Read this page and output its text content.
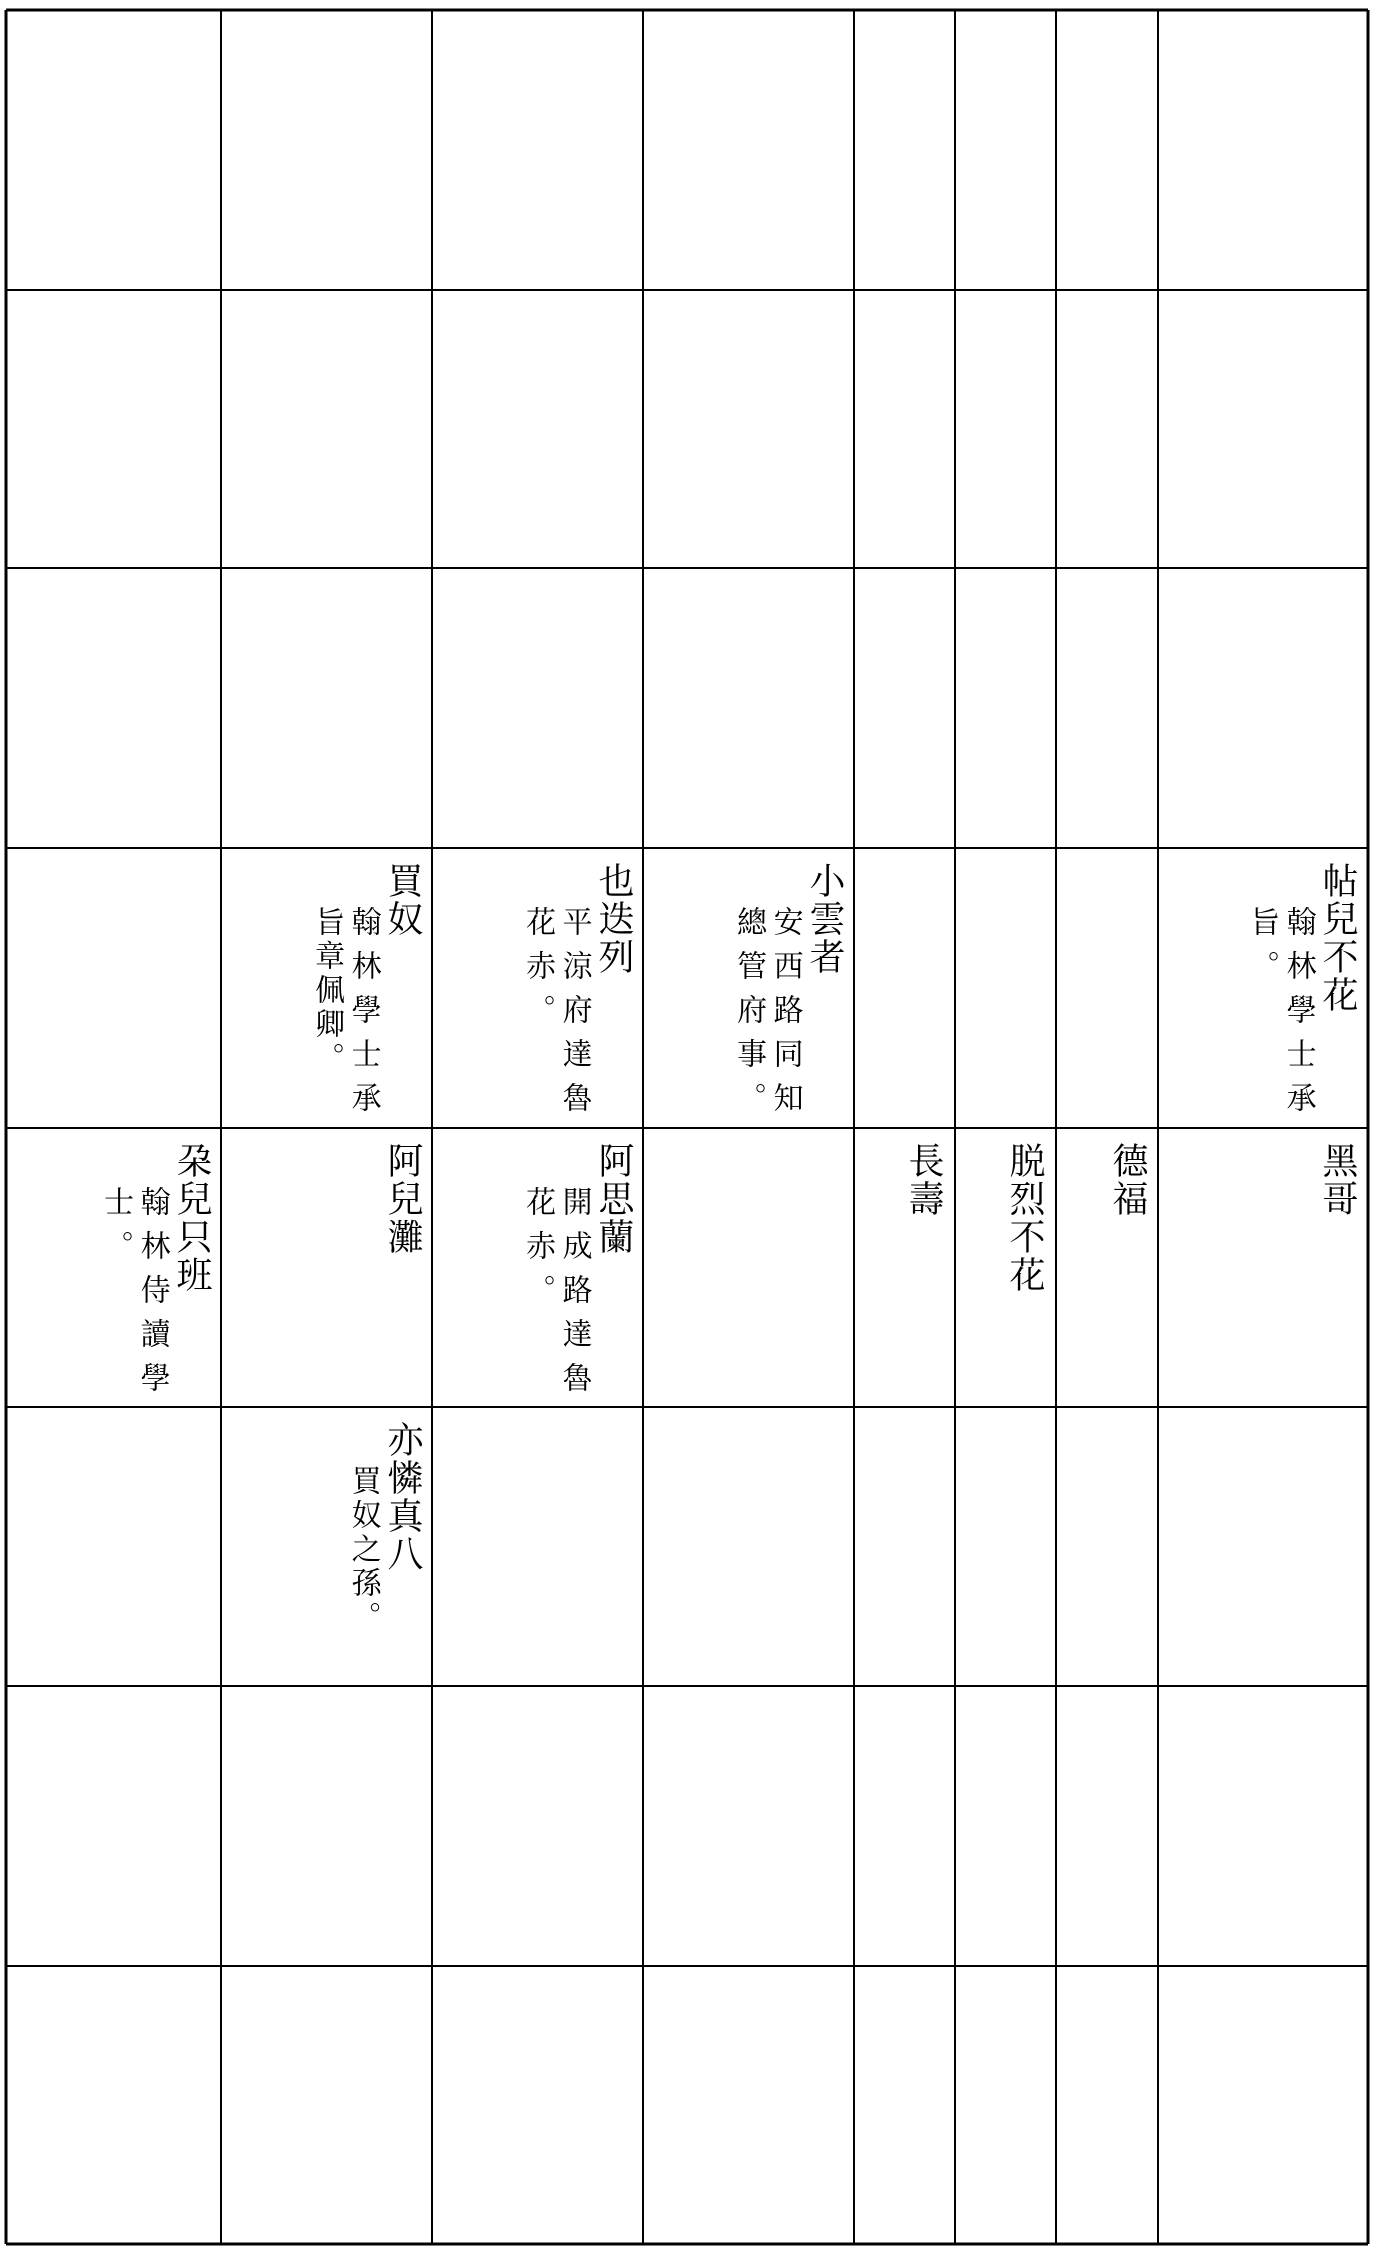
帖兒不花
翰林學士承
旨。
小雲者
安西路同知
總管府事。
也迭列
平涼府達魯
花赤。
買奴
翰林學士承
旨章佩卿。
黑哥
德福
脱烈不花
長壽
阿思蘭
開成路達魯
花赤。
阿兒灘
朶兒只班
翰林侍讀學
士。
亦憐真八
買奴之孫。
